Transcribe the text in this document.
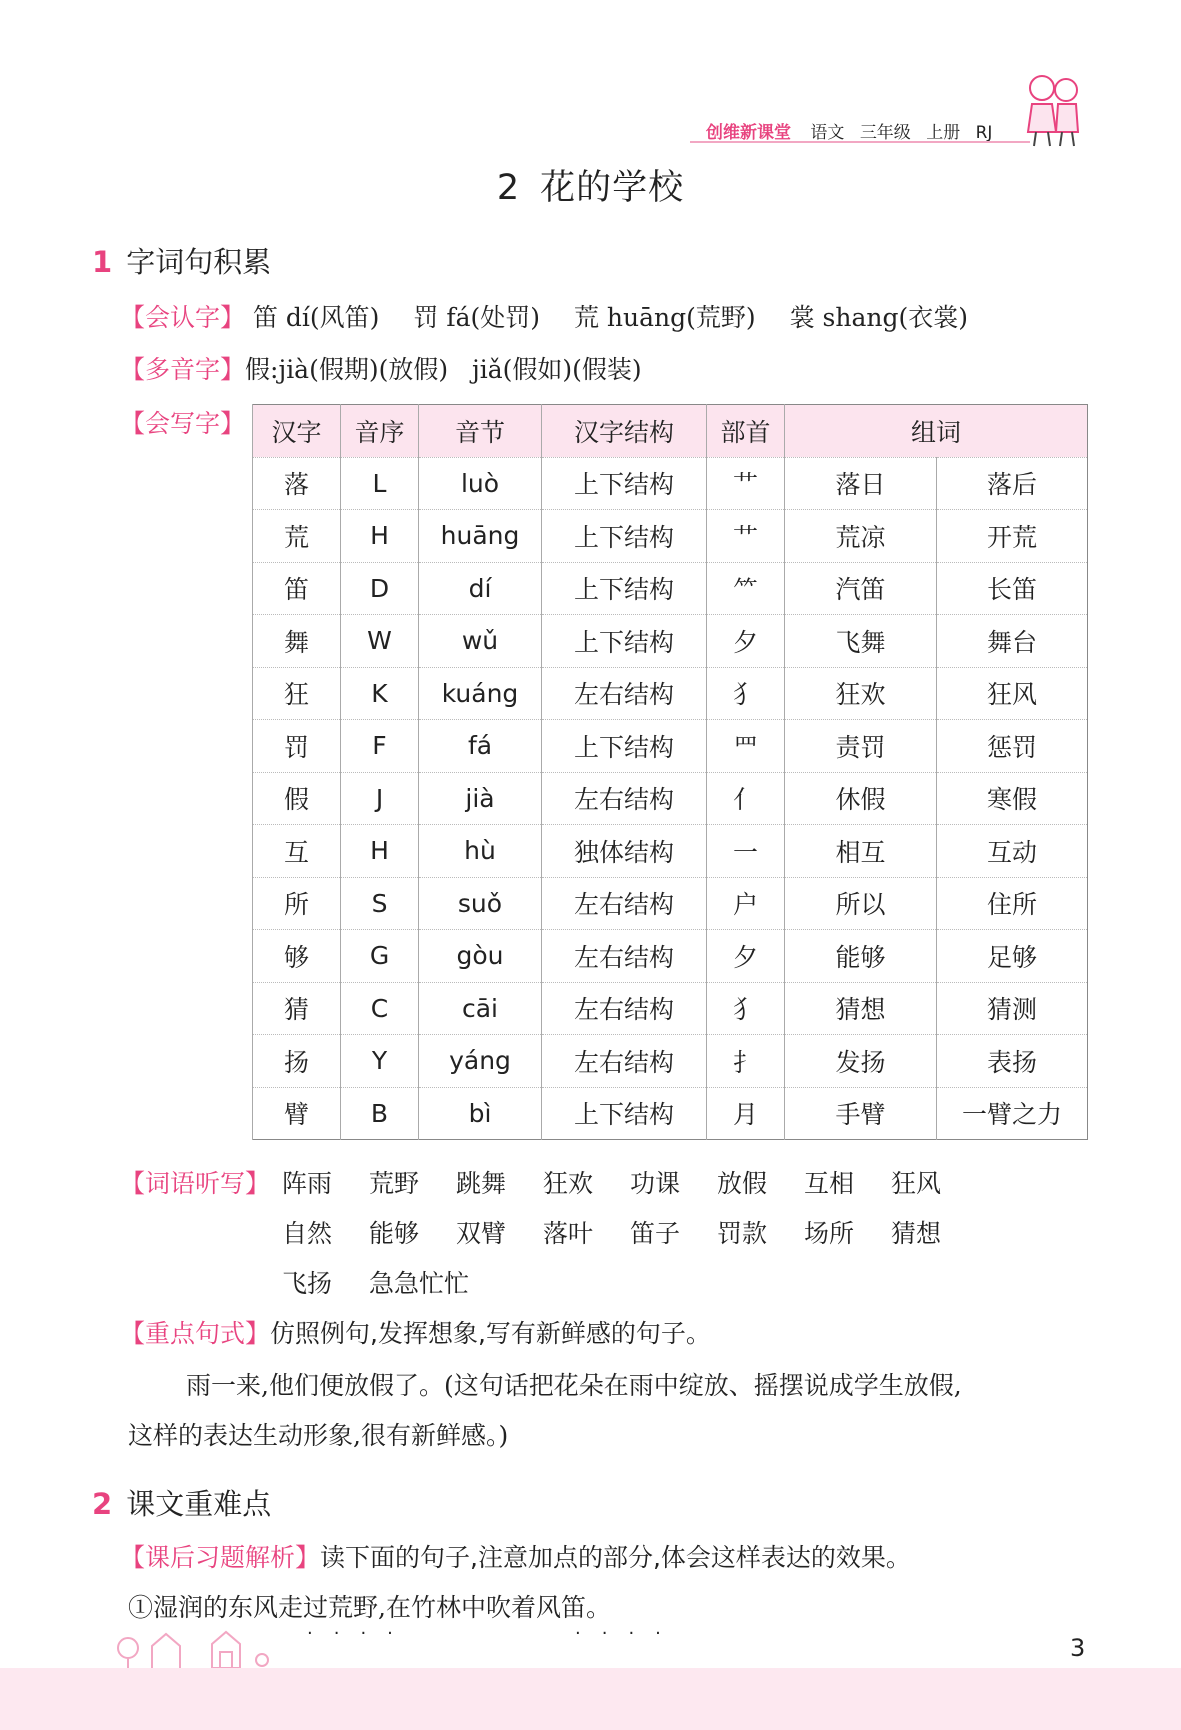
创维新课堂 语文 三年级 上册 RJ
2 花的学校
1 字词句积累
【会认字】 笛 dí(风笛) 罚 fá(处罚) 荒 huāng(荒野) 裳 shang(衣裳)
【多音字】假:jià(假期)(放假)   jiǎ(假如)(假装)
【会写字】 汉字	音序	音节	汉字结构	部首	组词	
落	L	luò	上下结构	艹	落日	落后
荒	H	huāng	上下结构	艹	荒凉	开荒
笛	D	dí	上下结构	⺮	汽笛	长笛
舞	W	wǔ	上下结构	夕	飞舞	舞台
狂	K	kuáng	左右结构	犭	狂欢	狂风
罚	F	fá	上下结构	罒	责罚	惩罚
假	J	jià	左右结构	亻	休假	寒假
互	H	hù	独体结构	一	相互	互动
所	S	suǒ	左右结构	户	所以	住所
够	G	gòu	左右结构	夕	能够	足够
猜	C	cāi	左右结构	犭	猜想	猜测
扬	Y	yáng	左右结构	扌	发扬	表扬
臂	B	bì	上下结构	月	手臂	一臂之力
【词语听写】 阵雨 荒野 跳舞 狂欢 功课 放假 互相 狂风
自然 能够 双臂 落叶 笛子 罚款 场所 猜想
飞扬 急急忙忙
【重点句式】仿照例句,发挥想象,写有新鲜感的句子。
雨一来,他们便放假了。(这句话把花朵在雨中绽放、摇摆说成学生放假,
这样的表达生动形象,很有新鲜感。)
2 课文重难点
【课后习题解析】读下面的句子,注意加点的部分,体会这样表达的效果。
①湿润的东风走过荒野,在竹林中吹着风笛。
····	····
3
